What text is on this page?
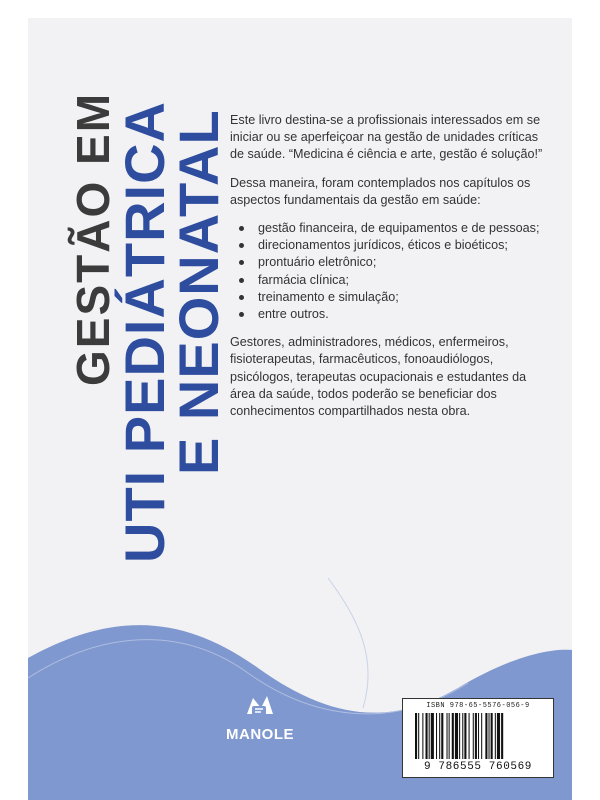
GESTÃO EM
UTI PEDIÁTRICA
E NEONATAL Este livro destina-se a profissionais interessados em se iniciar ou se aperfeiçoar na gestão de unidades críticas de saúde. “Medicina é ciência e arte, gestão é solução!”

Dessa maneira, foram contemplados nos capítulos os aspectos fundamentais da gestão em saúde:

gestão financeira, de equipamentos e de pessoas;
direcionamentos jurídicos, éticos e bioéticos;
prontuário eletrônico;
farmácia clínica;
treinamento e simulação;
entre outros.

Gestores, administradores, médicos, enfermeiros, fisioterapeutas, farmacêuticos, fonoaudiólogos, psicólogos, terapeutas ocupacionais e estudantes da área da saúde, todos poderão se beneficiar dos conhecimentos compartilhados nesta obra.

MANOLE
ISBN 978-65-5576-056-9
9 786555 760569
